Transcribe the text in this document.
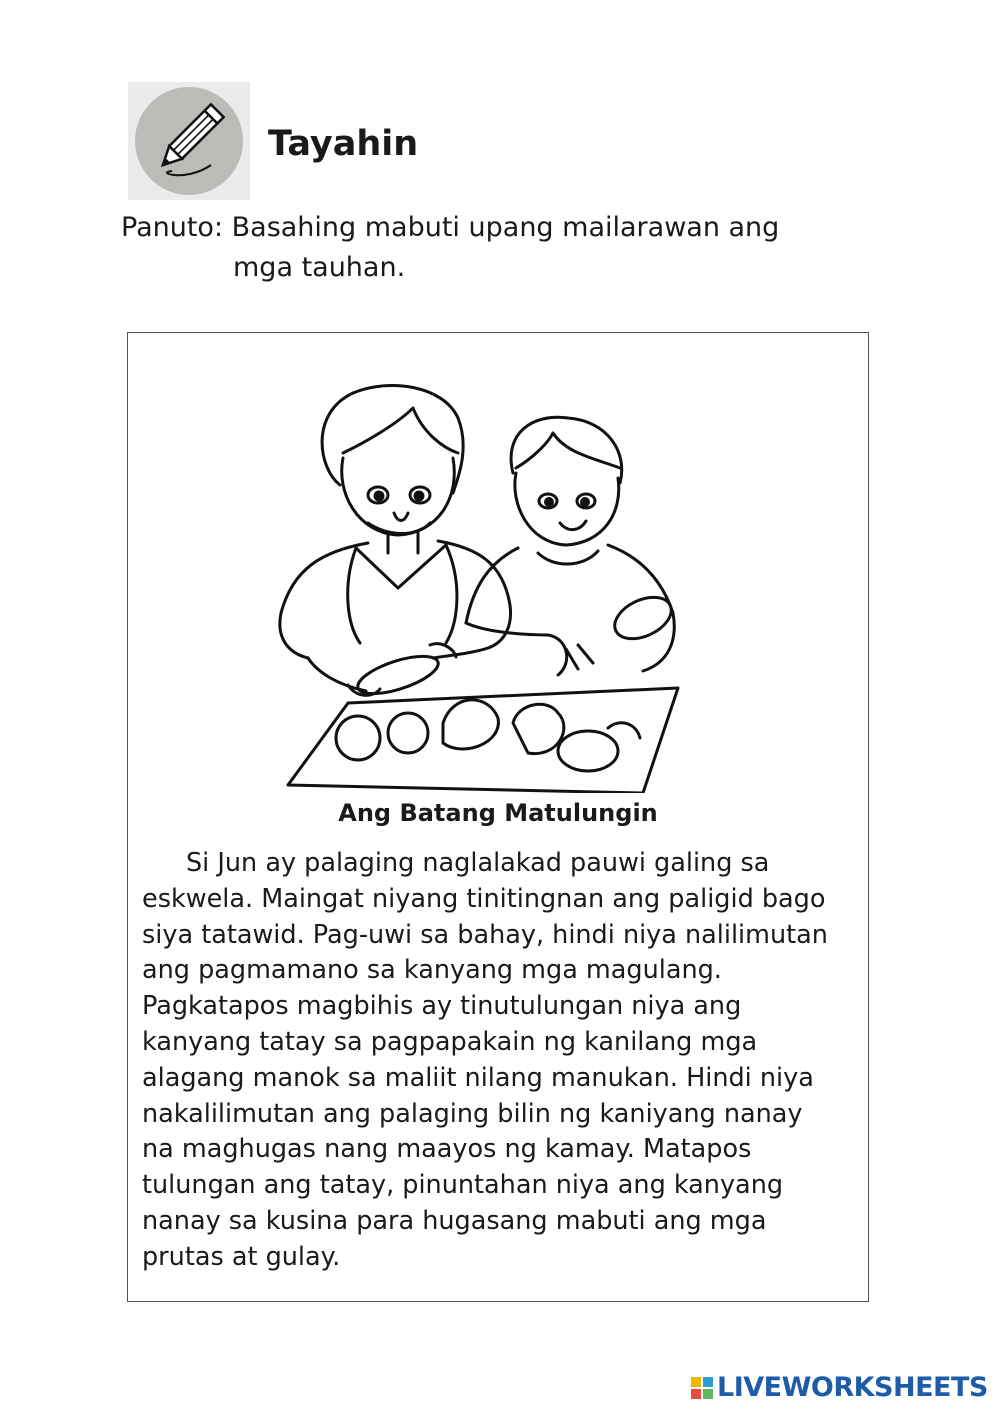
Tayahin
Panuto: Basahing mabuti upang mailarawan ang
mga tauhan.
Ang Batang Matulungin

Si Jun ay palaging naglalakad pauwi galing sa
eskwela. Maingat niyang tinitingnan ang paligid bago
siya tatawid. Pag-uwi sa bahay, hindi niya nalilimutan
ang pagmamano sa kanyang mga magulang.
Pagkatapos magbihis ay tinutulungan niya ang
kanyang tatay sa pagpapakain ng kanilang mga
alagang manok sa maliit nilang manukan. Hindi niya
nakalilimutan ang palaging bilin ng kaniyang nanay
na maghugas nang maayos ng kamay. Matapos
tulungan ang tatay, pinuntahan niya ang kanyang
nanay sa kusina para hugasang mabuti ang mga
prutas at gulay.

LIVEWORKSHEETS
